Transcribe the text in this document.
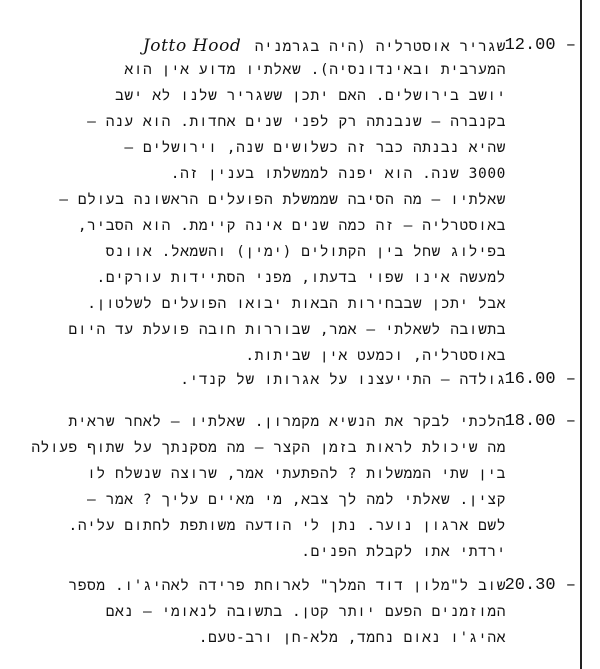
12.00 –
שגריר אוסטרליה (היה בגרמניה Jotto Hood
המערבית ובאינדונסיה). שאלתיו מדוע אין הוא
יושב בירושלים. האם יתכן ששגריר שלנו לא ישב
בקנברה – שנבנתה רק לפני שנים אחדות. הוא ענה –
שהיא נבנתה כבר זה כשלושים שנה, וירושלים –
3000 שנה. הוא יפנה לממשלתו בענין זה.
שאלתיו – מה הסיבה שממשלת הפועלים הראשונה בעולם –
באוסטרליה – זה כמה שנים אינה קיימת. הוא הסביר,
בפילוג שחל בין הקתולים (ימין) והשמאל. אוונס
למעשה אינו שפוי בדעתו, מפני הסתיידות עורקים.
אבל יתכן שבבחירות הבאות יבואו הפועלים לשלטון.
בתשובה לשאלתי – אמר, שבוררות חובה פועלת עד היום
באוסטרליה, וכמעט אין שביתות.
16.00 –
גולדה – התייעצנו על אגרותו של קנדי.
18.00 –
הלכתי לבקר את הנשיא מקמרון. שאלתיו – לאחר שראית
מה שיכולת לראות בזמן הקצר – מה מסקנתך על שתוף פעולה
בין שתי הממשלות ? להפתעתי אמר, שרוצה שנשלח לו
קצין. שאלתי למה לך צבא, מי מאיים עליך ? אמר –
לשם ארגון נוער. נתן לי הודעה משותפת לחתום עליה.
ירדתי אתו לקבלת הפנים.
20.30 –
שוב ל"מלון דוד המלך" לארוחת פרידה לאהיג'ו. מספר
המוזמנים הפעם יותר קטן. בתשובה לנאומי – נאם
אהיג'ו נאום נחמד, מלא-חן ורב-טעם.
